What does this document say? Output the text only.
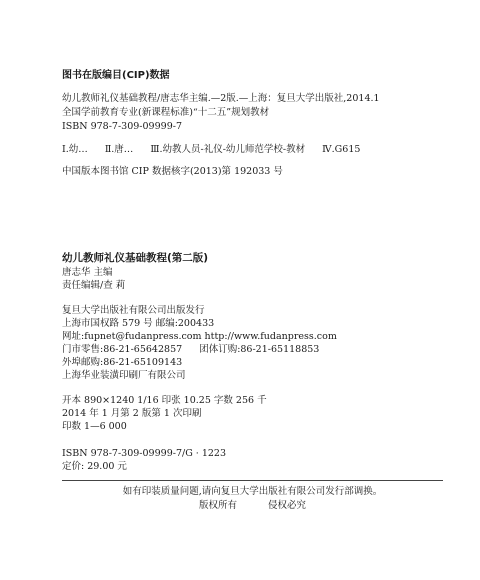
图书在版编目(CIP)数据
幼儿教师礼仪基础教程/唐志华主编.—2版.—上海：复旦大学出版社,2014.1
全国学前教育专业(新课程标准)“十二五”规划教材
ISBN 978-7-309-09999-7
Ⅰ.幼… Ⅱ.唐… Ⅲ.幼教人员-礼仪-幼儿师范学校-教材 Ⅳ.G615
中国版本图书馆 CIP 数据核字(2013)第 192033 号
幼儿教师礼仪基础教程(第二版)
唐志华 主编
责任编辑/查 莉
复旦大学出版社有限公司出版发行
上海市国权路 579 号 邮编:200433
网址:fupnet@fudanpress.com http://www.fudanpress.com
门市零售:86-21-65642857 团体订购:86-21-65118853
外埠邮购:86-21-65109143
上海华业装潢印刷厂有限公司
开本 890×1240 1/16 印张 10.25 字数 256 千
2014 年 1 月第 2 版第 1 次印刷
印数 1—6 000
ISBN 978-7-309-09999-7/G · 1223
定价: 29.00 元
如有印装质量问题,请向复旦大学出版社有限公司发行部调换。
版权所有	侵权必究
